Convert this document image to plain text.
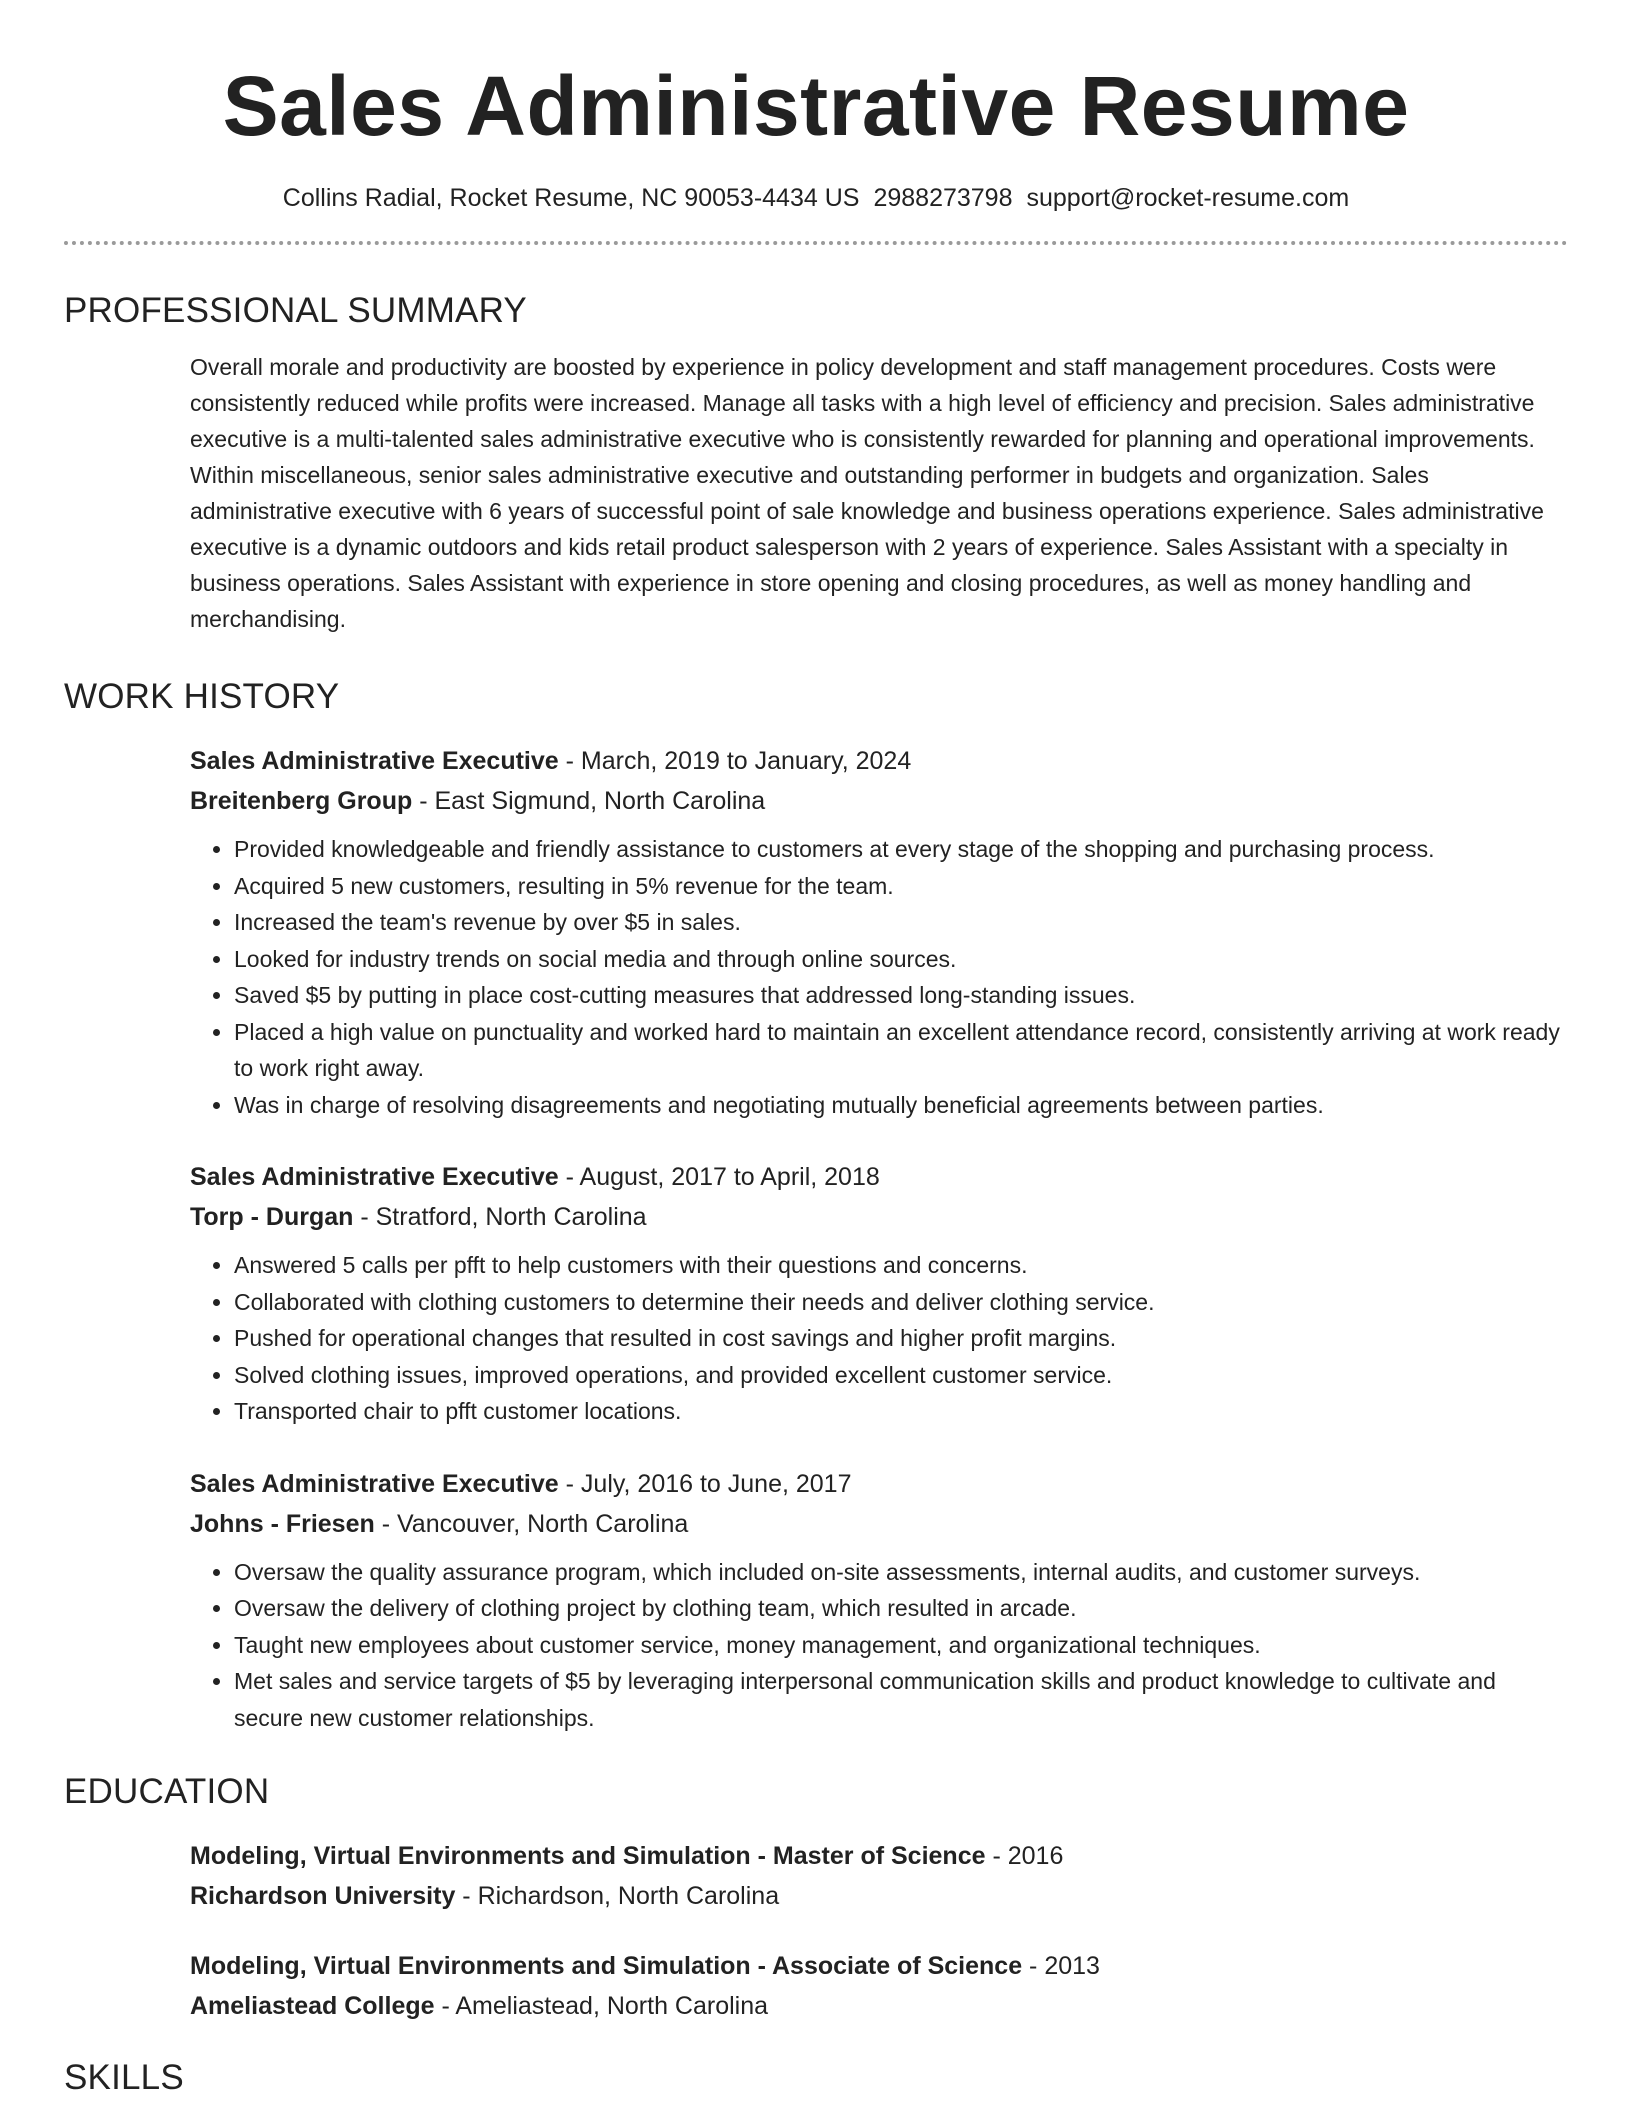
Sales Administrative Resume
Collins Radial, Rocket Resume, NC 90053-4434 US 2988273798 support@rocket-resume.com
PROFESSIONAL SUMMARY
Overall morale and productivity are boosted by experience in policy development and staff management procedures. Costs were consistently reduced while profits were increased. Manage all tasks with a high level of efficiency and precision. Sales administrative executive is a multi-talented sales administrative executive who is consistently rewarded for planning and operational improvements. Within miscellaneous, senior sales administrative executive and outstanding performer in budgets and organization. Sales administrative executive with 6 years of successful point of sale knowledge and business operations experience. Sales administrative executive is a dynamic outdoors and kids retail product salesperson with 2 years of experience. Sales Assistant with a specialty in business operations. Sales Assistant with experience in store opening and closing procedures, as well as money handling and merchandising.
WORK HISTORY
Sales Administrative Executive - March, 2019 to January, 2024
Breitenberg Group - East Sigmund, North Carolina
• Provided knowledgeable and friendly assistance to customers at every stage of the shopping and purchasing process.
• Acquired 5 new customers, resulting in 5% revenue for the team.
• Increased the team's revenue by over $5 in sales.
• Looked for industry trends on social media and through online sources.
• Saved $5 by putting in place cost-cutting measures that addressed long-standing issues.
• Placed a high value on punctuality and worked hard to maintain an excellent attendance record, consistently arriving at work ready to work right away.
• Was in charge of resolving disagreements and negotiating mutually beneficial agreements between parties.
Sales Administrative Executive - August, 2017 to April, 2018
Torp - Durgan - Stratford, North Carolina
• Answered 5 calls per pfft to help customers with their questions and concerns.
• Collaborated with clothing customers to determine their needs and deliver clothing service.
• Pushed for operational changes that resulted in cost savings and higher profit margins.
• Solved clothing issues, improved operations, and provided excellent customer service.
• Transported chair to pfft customer locations.
Sales Administrative Executive - July, 2016 to June, 2017
Johns - Friesen - Vancouver, North Carolina
• Oversaw the quality assurance program, which included on-site assessments, internal audits, and customer surveys.
• Oversaw the delivery of clothing project by clothing team, which resulted in arcade.
• Taught new employees about customer service, money management, and organizational techniques.
• Met sales and service targets of $5 by leveraging interpersonal communication skills and product knowledge to cultivate and secure new customer relationships.
EDUCATION
Modeling, Virtual Environments and Simulation - Master of Science - 2016
Richardson University - Richardson, North Carolina
Modeling, Virtual Environments and Simulation - Associate of Science - 2013
Ameliastead College - Ameliastead, North Carolina
SKILLS
